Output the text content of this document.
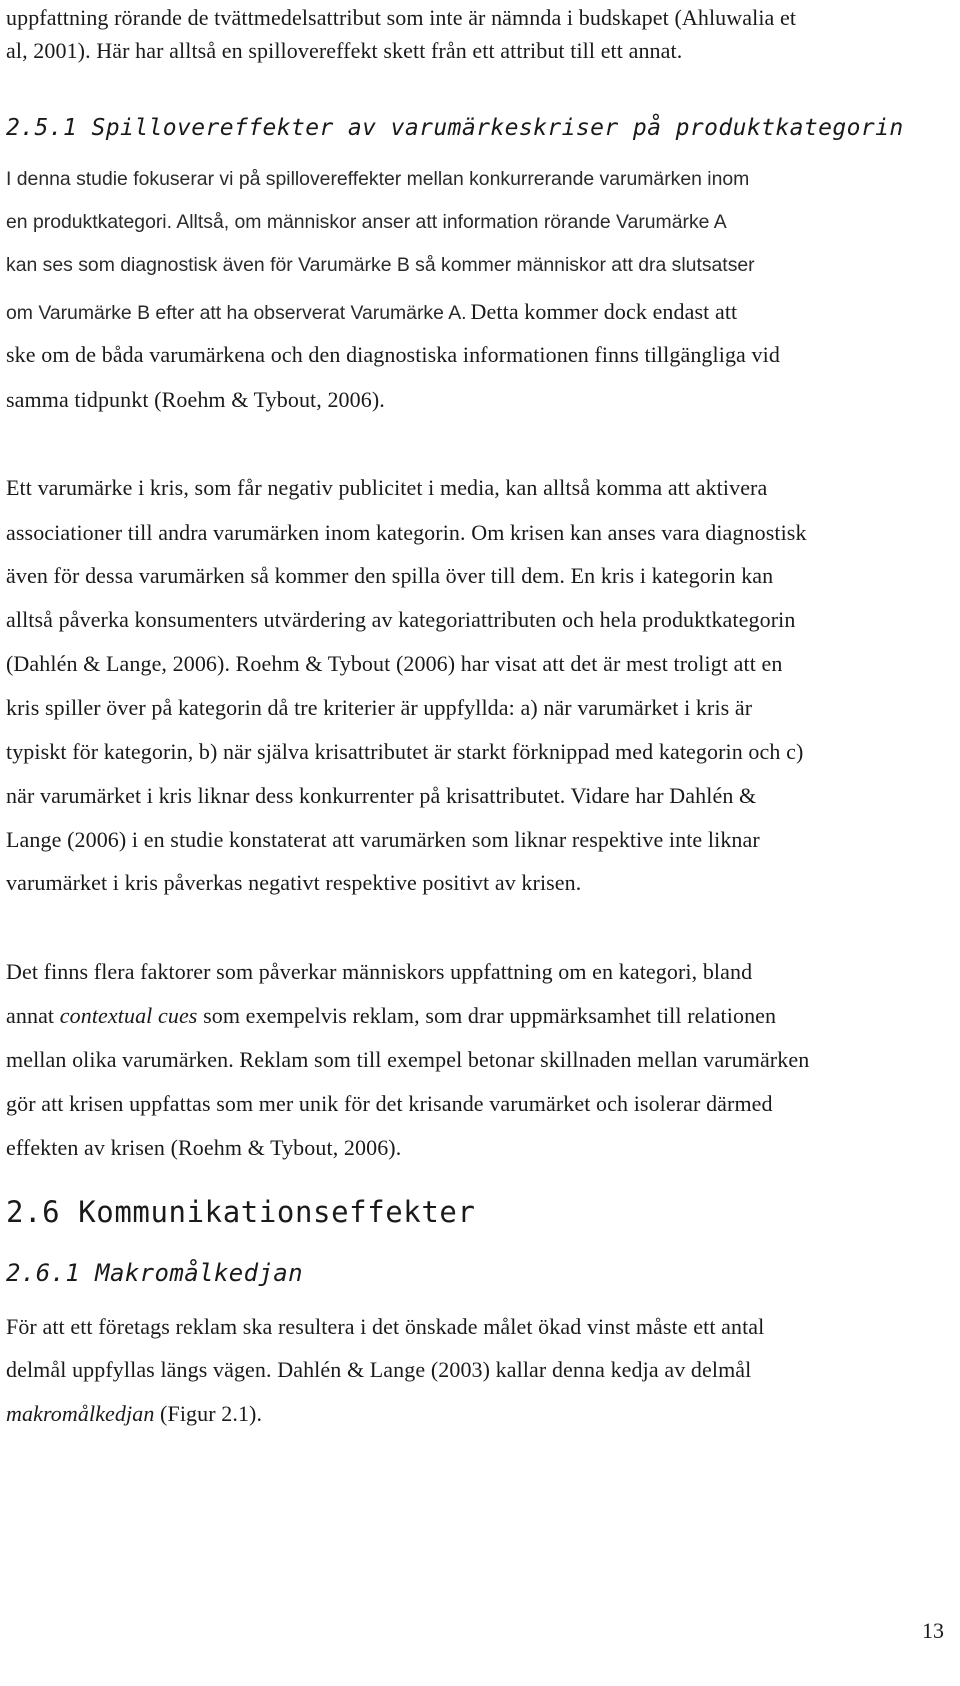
uppfattning rörande de tvättmedelsattribut som inte är nämnda i budskapet (Ahluwalia et
al, 2001). Här har alltså en spillovereffekt skett från ett attribut till ett annat.
2.5.1 Spillovereffekter av varumärkeskriser på produktkategorin
I denna studie fokuserar vi på spillovereffekter mellan konkurrerande varumärken inom
en produktkategori. Alltså, om människor anser att information rörande Varumärke A
kan ses som diagnostisk även för Varumärke B så kommer människor att dra slutsatser
om Varumärke B efter att ha observerat Varumärke A. Detta kommer dock endast att
ske om de båda varumärkena och den diagnostiska informationen finns tillgängliga vid
samma tidpunkt (Roehm & Tybout, 2006).
Ett varumärke i kris, som får negativ publicitet i media, kan alltså komma att aktivera
associationer till andra varumärken inom kategorin. Om krisen kan anses vara diagnostisk
även för dessa varumärken så kommer den spilla över till dem. En kris i kategorin kan
alltså påverka konsumenters utvärdering av kategoriattributen och hela produktkategorin
(Dahlén & Lange, 2006). Roehm & Tybout (2006) har visat att det är mest troligt att en
kris spiller över på kategorin då tre kriterier är uppfyllda: a) när varumärket i kris är
typiskt för kategorin, b) när själva krisattributet är starkt förknippad med kategorin och c)
när varumärket i kris liknar dess konkurrenter på krisattributet. Vidare har Dahlén &
Lange (2006) i en studie konstaterat att varumärken som liknar respektive inte liknar
varumärket i kris påverkas negativt respektive positivt av krisen.
Det finns flera faktorer som påverkar människors uppfattning om en kategori, bland
annat contextual cues som exempelvis reklam, som drar uppmärksamhet till relationen
mellan olika varumärken. Reklam som till exempel betonar skillnaden mellan varumärken
gör att krisen uppfattas som mer unik för det krisande varumärket och isolerar därmed
effekten av krisen (Roehm & Tybout, 2006).
2.6 Kommunikationseffekter
2.6.1 Makromålkedjan
För att ett företags reklam ska resultera i det önskade målet ökad vinst måste ett antal
delmål uppfyllas längs vägen. Dahlén & Lange (2003) kallar denna kedja av delmål
makromålkedjan (Figur 2.1).
13
